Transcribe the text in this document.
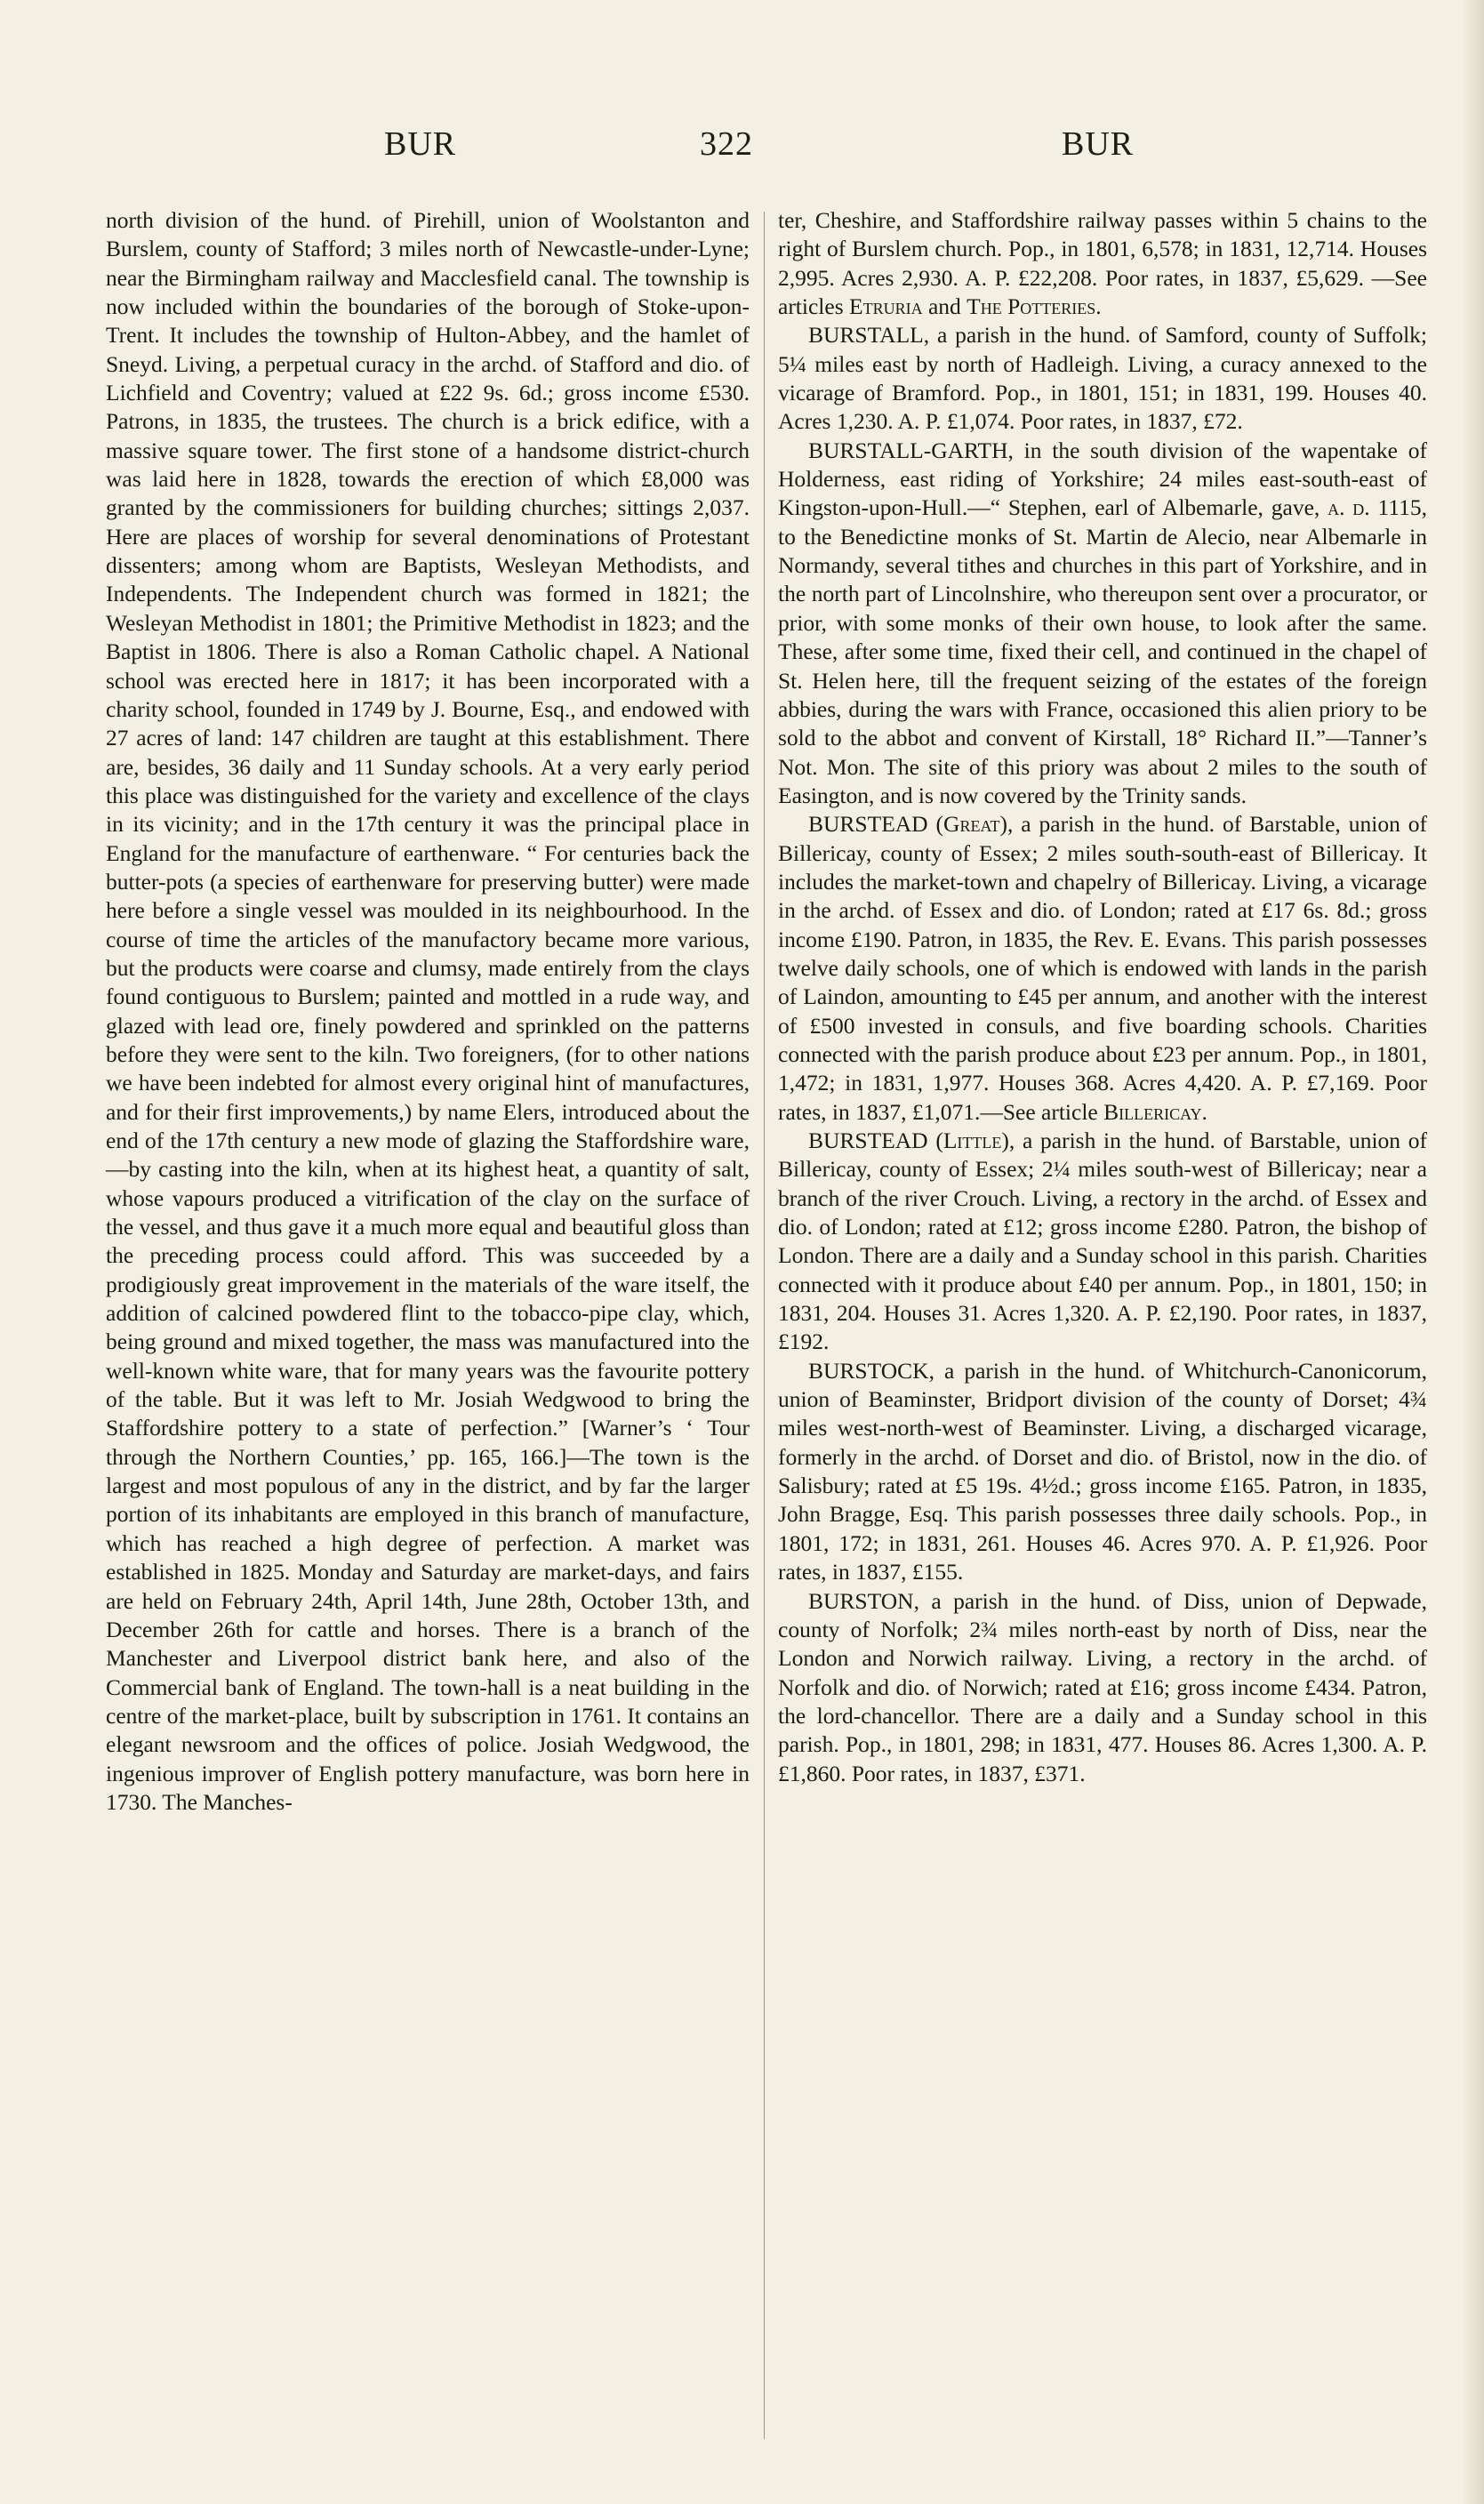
BUR	322	BUR

north division of the hund. of Pirehill, union of Woolstanton and Burslem, county of Stafford; 3 miles north of Newcastle-under-Lyne; near the Birmingham railway and Macclesfield canal. The township is now included within the boundaries of the borough of Stoke-upon-Trent. It includes the township of Hulton-Abbey, and the hamlet of Sneyd. Living, a perpetual curacy in the archd. of Stafford and dio. of Lichfield and Coventry; valued at £22 9s. 6d.; gross income £530. Patrons, in 1835, the trustees. The church is a brick edifice, with a massive square tower. The first stone of a handsome district-church was laid here in 1828, towards the erection of which £8,000 was granted by the commissioners for building churches; sittings 2,037. Here are places of worship for several denominations of Protestant dissenters; among whom are Baptists, Wesleyan Methodists, and Independents. The Independent church was formed in 1821; the Wesleyan Methodist in 1801; the Primitive Methodist in 1823; and the Baptist in 1806. There is also a Roman Catholic chapel. A National school was erected here in 1817; it has been incorporated with a charity school, founded in 1749 by J. Bourne, Esq., and endowed with 27 acres of land: 147 children are taught at this establishment. There are, besides, 36 daily and 11 Sunday schools. At a very early period this place was distinguished for the variety and excellence of the clays in its vicinity; and in the 17th century it was the principal place in England for the manufacture of earthenware. “ For centuries back the butter-pots (a species of earthenware for preserving butter) were made here before a single vessel was moulded in its neighbourhood. In the course of time the articles of the manufactory became more various, but the products were coarse and clumsy, made entirely from the clays found contiguous to Burslem; painted and mottled in a rude way, and glazed with lead ore, finely powdered and sprinkled on the patterns before they were sent to the kiln. Two foreigners, (for to other nations we have been indebted for almost every original hint of manufactures, and for their first improvements,) by name Elers, introduced about the end of the 17th century a new mode of glazing the Staffordshire ware,—by casting into the kiln, when at its highest heat, a quantity of salt, whose vapours produced a vitrification of the clay on the surface of the vessel, and thus gave it a much more equal and beautiful gloss than the preceding process could afford. This was succeeded by a prodigiously great improvement in the materials of the ware itself, the addition of calcined powdered flint to the tobacco-pipe clay, which, being ground and mixed together, the mass was manufactured into the well-known white ware, that for many years was the favourite pottery of the table. But it was left to Mr. Josiah Wedgwood to bring the Staffordshire pottery to a state of perfection.” [Warner’s ‘ Tour through the Northern Counties,’ pp. 165, 166.]—The town is the largest and most populous of any in the district, and by far the larger portion of its inhabitants are employed in this branch of manufacture, which has reached a high degree of perfection. A market was established in 1825. Monday and Saturday are market-days, and fairs are held on February 24th, April 14th, June 28th, October 13th, and December 26th for cattle and horses. There is a branch of the Manchester and Liverpool district bank here, and also of the Commercial bank of England. The town-hall is a neat building in the centre of the market-place, built by subscription in 1761. It contains an elegant newsroom and the offices of police. Josiah Wedgwood, the ingenious improver of English pottery manufacture, was born here in 1730. The Manches-

ter, Cheshire, and Staffordshire railway passes within 5 chains to the right of Burslem church. Pop., in 1801, 6,578; in 1831, 12,714. Houses 2,995. Acres 2,930. A. P. £22,208. Poor rates, in 1837, £5,629. —See articles Etruria and The Potteries.

BURSTALL, a parish in the hund. of Samford, county of Suffolk; 5¼ miles east by north of Hadleigh. Living, a curacy annexed to the vicarage of Bramford. Pop., in 1801, 151; in 1831, 199. Houses 40. Acres 1,230. A. P. £1,074. Poor rates, in 1837, £72.

BURSTALL-GARTH, in the south division of the wapentake of Holderness, east riding of Yorkshire; 24 miles east-south-east of Kingston-upon-Hull.—“ Stephen, earl of Albemarle, gave, a. d. 1115, to the Benedictine monks of St. Martin de Alecio, near Albemarle in Normandy, several tithes and churches in this part of Yorkshire, and in the north part of Lincolnshire, who thereupon sent over a procurator, or prior, with some monks of their own house, to look after the same. These, after some time, fixed their cell, and continued in the chapel of St. Helen here, till the frequent seizing of the estates of the foreign abbies, during the wars with France, occasioned this alien priory to be sold to the abbot and convent of Kirstall, 18° Richard II.”—Tanner’s Not. Mon. The site of this priory was about 2 miles to the south of Easington, and is now covered by the Trinity sands.

BURSTEAD (Great), a parish in the hund. of Barstable, union of Billericay, county of Essex; 2 miles south-south-east of Billericay. It includes the market-town and chapelry of Billericay. Living, a vicarage in the archd. of Essex and dio. of London; rated at £17 6s. 8d.; gross income £190. Patron, in 1835, the Rev. E. Evans. This parish possesses twelve daily schools, one of which is endowed with lands in the parish of Laindon, amounting to £45 per annum, and another with the interest of £500 invested in consuls, and five boarding schools. Charities connected with the parish produce about £23 per annum. Pop., in 1801, 1,472; in 1831, 1,977. Houses 368. Acres 4,420. A. P. £7,169. Poor rates, in 1837, £1,071.—See article Billericay.

BURSTEAD (Little), a parish in the hund. of Barstable, union of Billericay, county of Essex; 2¼ miles south-west of Billericay; near a branch of the river Crouch. Living, a rectory in the archd. of Essex and dio. of London; rated at £12; gross income £280. Patron, the bishop of London. There are a daily and a Sunday school in this parish. Charities connected with it produce about £40 per annum. Pop., in 1801, 150; in 1831, 204. Houses 31. Acres 1,320. A. P. £2,190. Poor rates, in 1837, £192.

BURSTOCK, a parish in the hund. of Whitchurch-Canonicorum, union of Beaminster, Bridport division of the county of Dorset; 4¾ miles west-north-west of Beaminster. Living, a discharged vicarage, formerly in the archd. of Dorset and dio. of Bristol, now in the dio. of Salisbury; rated at £5 19s. 4½d.; gross income £165. Patron, in 1835, John Bragge, Esq. This parish possesses three daily schools. Pop., in 1801, 172; in 1831, 261. Houses 46. Acres 970. A. P. £1,926. Poor rates, in 1837, £155.

BURSTON, a parish in the hund. of Diss, union of Depwade, county of Norfolk; 2¾ miles north-east by north of Diss, near the London and Norwich railway. Living, a rectory in the archd. of Norfolk and dio. of Norwich; rated at £16; gross income £434. Patron, the lord-chancellor. There are a daily and a Sunday school in this parish. Pop., in 1801, 298; in 1831, 477. Houses 86. Acres 1,300. A. P. £1,860. Poor rates, in 1837, £371.
